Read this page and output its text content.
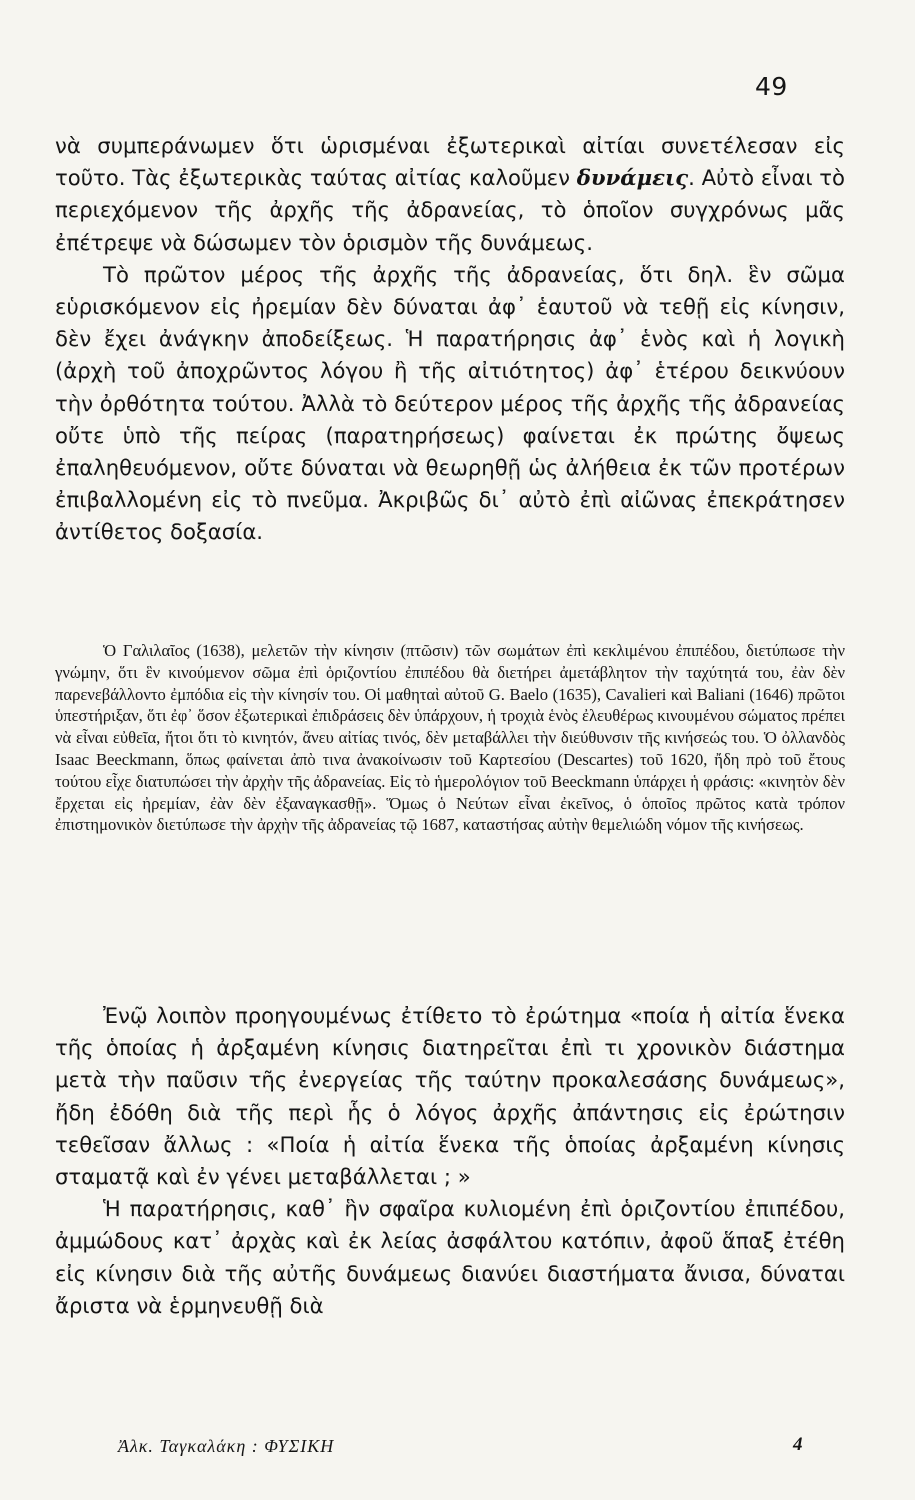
49

νὰ συμπεράνωμεν ὅτι ὡρισμέναι ἐξωτερικαὶ αἰτίαι συνετέλεσαν εἰς τοῦτο. Τὰς ἐξωτερικὰς ταύτας αἰτίας καλοῦμεν δυνάμεις. Αὐτὸ εἶναι τὸ περιεχόμενον τῆς ἀρχῆς τῆς ἀδρανείας, τὸ ὁποῖον συγχρόνως μᾶς ἐπέτρεψε νὰ δώσωμεν τὸν ὁρισμὸν τῆς δυνάμεως.

Τὸ πρῶτον μέρος τῆς ἀρχῆς τῆς ἀδρανείας, ὅτι δηλ. ἓν σῶμα εὑρισκόμενον εἰς ἠρεμίαν δὲν δύναται ἀφ᾽ ἑαυτοῦ νὰ τεθῇ εἰς κίνησιν, δὲν ἔχει ἀνάγκην ἀποδείξεως. Ἡ παρατήρησις ἀφ᾽ ἑνὸς καὶ ἡ λογικὴ (ἀρχὴ τοῦ ἀποχρῶντος λόγου ἢ τῆς αἰτιότητος) ἀφ᾽ ἑτέρου δεικνύουν τὴν ὀρθότητα τούτου. Ἀλλὰ τὸ δεύτερον μέρος τῆς ἀρχῆς τῆς ἀδρανείας οὔτε ὑπὸ τῆς πείρας (παρατηρήσεως) φαίνεται ἐκ πρώτης ὄψεως ἐπαληθευόμενον, οὔτε δύναται νὰ θεωρηθῇ ὡς ἀλήθεια ἐκ τῶν προτέρων ἐπιβαλλομένη εἰς τὸ πνεῦμα. Ἀκριβῶς δι᾽ αὐτὸ ἐπὶ αἰῶνας ἐπεκράτησεν ἀντίθετος δοξασία.

Ὁ Γαλιλαῖος (1638), μελετῶν τὴν κίνησιν (πτῶσιν) τῶν σωμάτων ἐπὶ κεκλιμένου ἐπιπέδου, διετύπωσε τὴν γνώμην, ὅτι ἓν κινούμενον σῶμα ἐπὶ ὁριζοντίου ἐπιπέδου θὰ διετήρει ἀμετάβλητον τὴν ταχύτητά του, ἐὰν δὲν παρενεβάλλοντο ἐμπόδια εἰς τὴν κίνησίν του. Οἱ μαθηταὶ αὐτοῦ G. Baelo (1635), Cavalieri καὶ Baliani (1646) πρῶτοι ὑπεστήριξαν, ὅτι ἐφ᾽ ὅσον ἐξωτερικαὶ ἐπιδράσεις δὲν ὑπάρχουν, ἡ τροχιὰ ἑνὸς ἐλευθέρως κινουμένου σώματος πρέπει νὰ εἶναι εὐθεῖα, ἤτοι ὅτι τὸ κινητόν, ἄνευ αἰτίας τινός, δὲν μεταβάλλει τὴν διεύθυνσιν τῆς κινήσεώς του. Ὁ ὀλλανδὸς Isaac Beeckmann, ὅπως φαίνεται ἀπὸ τινα ἀνακοίνωσιν τοῦ Καρτεσίου (Descartes) τοῦ 1620, ἤδη πρὸ τοῦ ἔτους τούτου εἶχε διατυπώσει τὴν ἀρχὴν τῆς ἀδρανείας. Εἰς τὸ ἡμερολόγιον τοῦ Beeckmann ὑπάρχει ἡ φράσις: «κινητὸν δὲν ἔρχεται εἰς ἠρεμίαν, ἐὰν δὲν ἐξαναγκασθῇ». Ὅμως ὁ Νεύτων εἶναι ἐκεῖνος, ὁ ὁποῖος πρῶτος κατὰ τρόπον ἐπιστημονικὸν διετύπωσε τὴν ἀρχὴν τῆς ἀδρανείας τῷ 1687, καταστήσας αὐτὴν θεμελιώδη νόμον τῆς κινήσεως.

Ἐνῷ λοιπὸν προηγουμένως ἐτίθετο τὸ ἐρώτημα «ποία ἡ αἰτία ἕνεκα τῆς ὁποίας ἡ ἀρξαμένη κίνησις διατηρεῖται ἐπὶ τι χρονικὸν διάστημα μετὰ τὴν παῦσιν τῆς ἐνεργείας τῆς ταύτην προκαλεσάσης δυνάμεως», ἤδη ἐδόθη διὰ τῆς περὶ ἧς ὁ λόγος ἀρχῆς ἀπάντησις εἰς ἐρώτησιν τεθεῖσαν ἄλλως : «Ποία ἡ αἰτία ἕνεκα τῆς ὁποίας ἀρξαμένη κίνησις σταματᾷ καὶ ἐν γένει μεταβάλλεται ; »

Ἡ παρατήρησις, καθ᾽ ἣν σφαῖρα κυλιομένη ἐπὶ ὁριζοντίου ἐπιπέδου, ἀμμώδους κατ᾽ ἀρχὰς καὶ ἐκ λείας ἀσφάλτου κατόπιν, ἀφοῦ ἅπαξ ἐτέθη εἰς κίνησιν διὰ τῆς αὐτῆς δυνάμεως διανύει διαστήματα ἄνισα, δύναται ἄριστα νὰ ἑρμηνευθῇ διὰ

Ἀλκ. Ταγκαλάκη : ΦΥΣΙΚΗ	4
